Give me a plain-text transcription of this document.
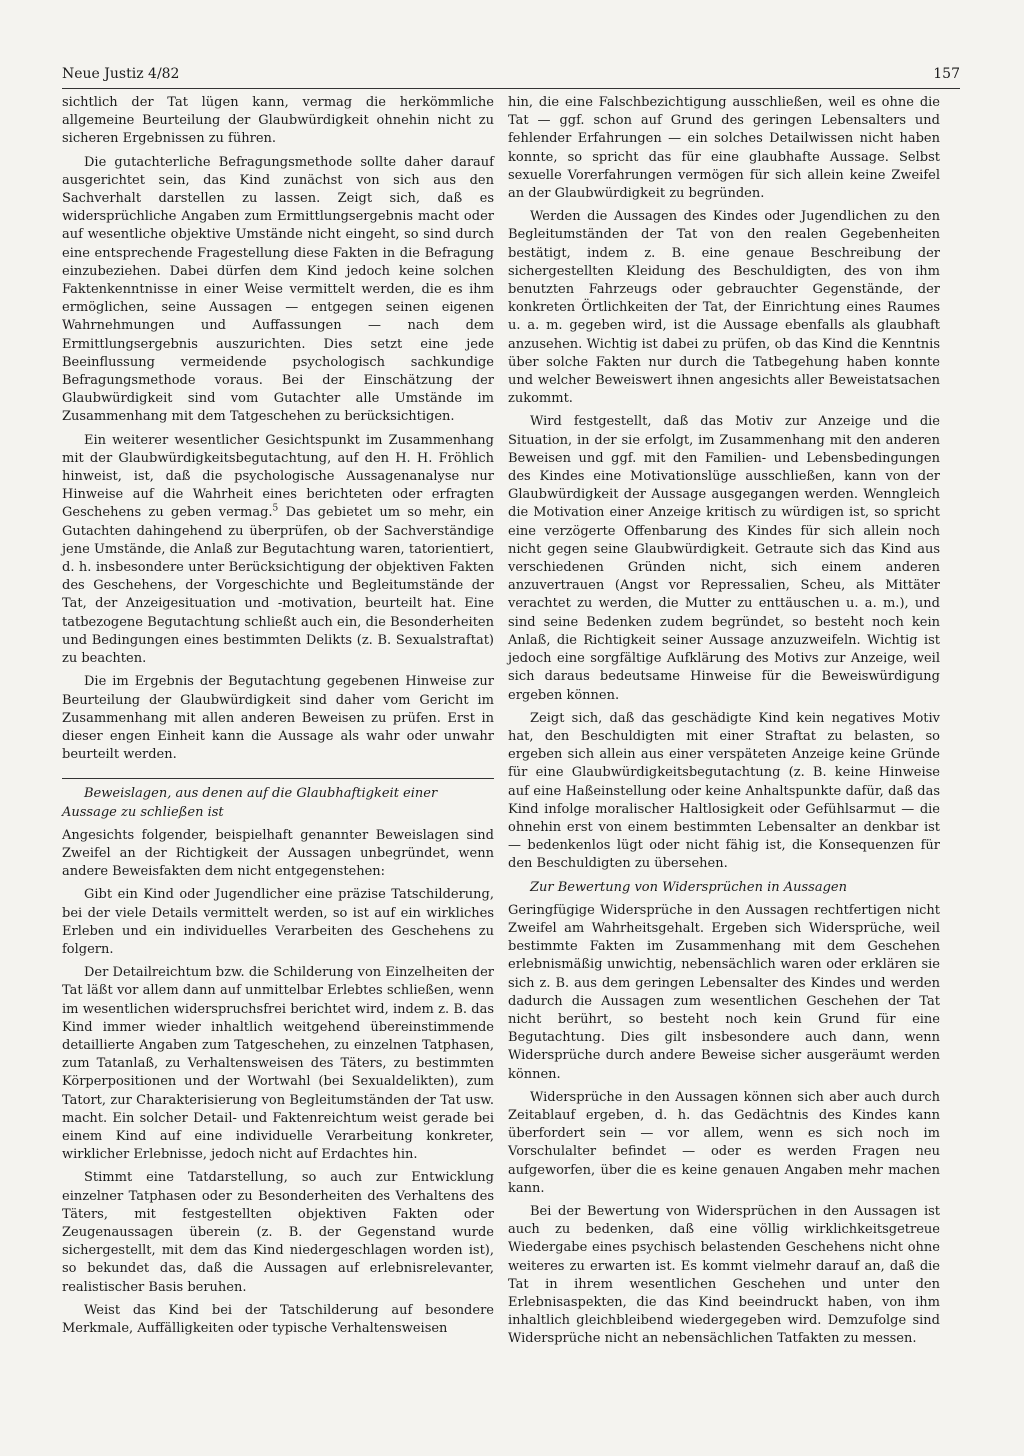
Neue Justiz 4/82	157

sichtlich der Tat lügen kann, vermag die herkömmliche allgemeine Beurteilung der Glaubwürdigkeit ohnehin nicht zu sicheren Ergebnissen zu führen.

Die gutachterliche Befragungsmethode sollte daher darauf ausgerichtet sein, das Kind zunächst von sich aus den Sachverhalt darstellen zu lassen. Zeigt sich, daß es widersprüchliche Angaben zum Ermittlungsergebnis macht oder auf wesentliche objektive Umstände nicht eingeht, so sind durch eine entsprechende Fragestellung diese Fakten in die Befragung einzubeziehen. Dabei dürfen dem Kind jedoch keine solchen Faktenkenntnisse in einer Weise vermittelt werden, die es ihm ermöglichen, seine Aussagen — entgegen seinen eigenen Wahrnehmungen und Auffassungen — nach dem Ermittlungsergebnis auszurichten. Dies setzt eine jede Beeinflussung vermeidende psychologisch sachkundige Befragungsmethode voraus. Bei der Einschätzung der Glaubwürdigkeit sind vom Gutachter alle Umstände im Zusammenhang mit dem Tatgeschehen zu berücksichtigen.

Ein weiterer wesentlicher Gesichtspunkt im Zusammenhang mit der Glaubwürdigkeitsbegutachtung, auf den H. H. Fröhlich hinweist, ist, daß die psychologische Aussagenanalyse nur Hinweise auf die Wahrheit eines berichteten oder erfragten Geschehens zu geben vermag.$^5$ Das gebietet um so mehr, ein Gutachten dahingehend zu überprüfen, ob der Sachverständige jene Umstände, die Anlaß zur Begutachtung waren, tatorientiert, d. h. insbesondere unter Berücksichtigung der objektiven Fakten des Geschehens, der Vorgeschichte und Begleitumstände der Tat, der Anzeigesituation und -motivation, beurteilt hat. Eine tatbezogene Begutachtung schließt auch ein, die Besonderheiten und Bedingungen eines bestimmten Delikts (z. B. Sexualstraftat) zu beachten.

Die im Ergebnis der Begutachtung gegebenen Hinweise zur Beurteilung der Glaubwürdigkeit sind daher vom Gericht im Zusammenhang mit allen anderen Beweisen zu prüfen. Erst in dieser engen Einheit kann die Aussage als wahr oder unwahr beurteilt werden.

Beweislagen, aus denen auf die Glaubhaftigkeit einer Aussage zu schließen ist

Angesichts folgender, beispielhaft genannter Beweislagen sind Zweifel an der Richtigkeit der Aussagen unbegründet, wenn andere Beweisfakten dem nicht entgegenstehen:

Gibt ein Kind oder Jugendlicher eine präzise Tatschilderung, bei der viele Details vermittelt werden, so ist auf ein wirkliches Erleben und ein individuelles Verarbeiten des Geschehens zu folgern.

Der Detailreichtum bzw. die Schilderung von Einzelheiten der Tat läßt vor allem dann auf unmittelbar Erlebtes schließen, wenn im wesentlichen widerspruchsfrei berichtet wird, indem z. B. das Kind immer wieder inhaltlich weitgehend übereinstimmende detaillierte Angaben zum Tatgeschehen, zu einzelnen Tatphasen, zum Tatanlaß, zu Verhaltensweisen des Täters, zu bestimmten Körperpositionen und der Wortwahl (bei Sexualdelikten), zum Tatort, zur Charakterisierung von Begleitumständen der Tat usw. macht. Ein solcher Detail- und Faktenreichtum weist gerade bei einem Kind auf eine individuelle Verarbeitung konkreter, wirklicher Erlebnisse, jedoch nicht auf Erdachtes hin.

Stimmt eine Tatdarstellung, so auch zur Entwicklung einzelner Tatphasen oder zu Besonderheiten des Verhaltens des Täters, mit festgestellten objektiven Fakten oder Zeugenaussagen überein (z. B. der Gegenstand wurde sichergestellt, mit dem das Kind niedergeschlagen worden ist), so bekundet das, daß die Aussagen auf erlebnisrelevanter, realistischer Basis beruhen.

Weist das Kind bei der Tatschilderung auf besondere Merkmale, Auffälligkeiten oder typische Verhaltensweisen

hin, die eine Falschbezichtigung ausschließen, weil es ohne die Tat — ggf. schon auf Grund des geringen Lebensalters und fehlender Erfahrungen — ein solches Detailwissen nicht haben konnte, so spricht das für eine glaubhafte Aussage. Selbst sexuelle Vorerfahrungen vermögen für sich allein keine Zweifel an der Glaubwürdigkeit zu begründen.

Werden die Aussagen des Kindes oder Jugendlichen zu den Begleitumständen der Tat von den realen Gegebenheiten bestätigt, indem z. B. eine genaue Beschreibung der sichergestellten Kleidung des Beschuldigten, des von ihm benutzten Fahrzeugs oder gebrauchter Gegenstände, der konkreten Örtlichkeiten der Tat, der Einrichtung eines Raumes u. a. m. gegeben wird, ist die Aussage ebenfalls als glaubhaft anzusehen. Wichtig ist dabei zu prüfen, ob das Kind die Kenntnis über solche Fakten nur durch die Tatbegehung haben konnte und welcher Beweiswert ihnen angesichts aller Beweistatsachen zukommt.

Wird festgestellt, daß das Motiv zur Anzeige und die Situation, in der sie erfolgt, im Zusammenhang mit den anderen Beweisen und ggf. mit den Familien- und Lebensbedingungen des Kindes eine Motivationslüge ausschließen, kann von der Glaubwürdigkeit der Aussage ausgegangen werden. Wenngleich die Motivation einer Anzeige kritisch zu würdigen ist, so spricht eine verzögerte Offenbarung des Kindes für sich allein noch nicht gegen seine Glaubwürdigkeit. Getraute sich das Kind aus verschiedenen Gründen nicht, sich einem anderen anzuvertrauen (Angst vor Repressalien, Scheu, als Mittäter verachtet zu werden, die Mutter zu enttäuschen u. a. m.), und sind seine Bedenken zudem begründet, so besteht noch kein Anlaß, die Richtigkeit seiner Aussage anzuzweifeln. Wichtig ist jedoch eine sorgfältige Aufklärung des Motivs zur Anzeige, weil sich daraus bedeutsame Hinweise für die Beweiswürdigung ergeben können.

Zeigt sich, daß das geschädigte Kind kein negatives Motiv hat, den Beschuldigten mit einer Straftat zu belasten, so ergeben sich allein aus einer verspäteten Anzeige keine Gründe für eine Glaubwürdigkeitsbegutachtung (z. B. keine Hinweise auf eine Haßeinstellung oder keine Anhaltspunkte dafür, daß das Kind infolge moralischer Haltlosigkeit oder Gefühlsarmut — die ohnehin erst von einem bestimmten Lebensalter an denkbar ist — bedenkenlos lügt oder nicht fähig ist, die Konsequenzen für den Beschuldigten zu übersehen.

Zur Bewertung von Widersprüchen in Aussagen

Geringfügige Widersprüche in den Aussagen rechtfertigen nicht Zweifel am Wahrheitsgehalt. Ergeben sich Widersprüche, weil bestimmte Fakten im Zusammenhang mit dem Geschehen erlebnismäßig unwichtig, nebensächlich waren oder erklären sie sich z. B. aus dem geringen Lebensalter des Kindes und werden dadurch die Aussagen zum wesentlichen Geschehen der Tat nicht berührt, so besteht noch kein Grund für eine Begutachtung. Dies gilt insbesondere auch dann, wenn Widersprüche durch andere Beweise sicher ausgeräumt werden können.

Widersprüche in den Aussagen können sich aber auch durch Zeitablauf ergeben, d. h. das Gedächtnis des Kindes kann überfordert sein — vor allem, wenn es sich noch im Vorschulalter befindet — oder es werden Fragen neu aufgeworfen, über die es keine genauen Angaben mehr machen kann.

Bei der Bewertung von Widersprüchen in den Aussagen ist auch zu bedenken, daß eine völlig wirklichkeitsgetreue Wiedergabe eines psychisch belastenden Geschehens nicht ohne weiteres zu erwarten ist. Es kommt vielmehr darauf an, daß die Tat in ihrem wesentlichen Geschehen und unter den Erlebnisaspekten, die das Kind beeindruckt haben, von ihm inhaltlich gleichbleibend wiedergegeben wird. Demzufolge sind Widersprüche nicht an nebensächlichen Tatfakten zu messen.
